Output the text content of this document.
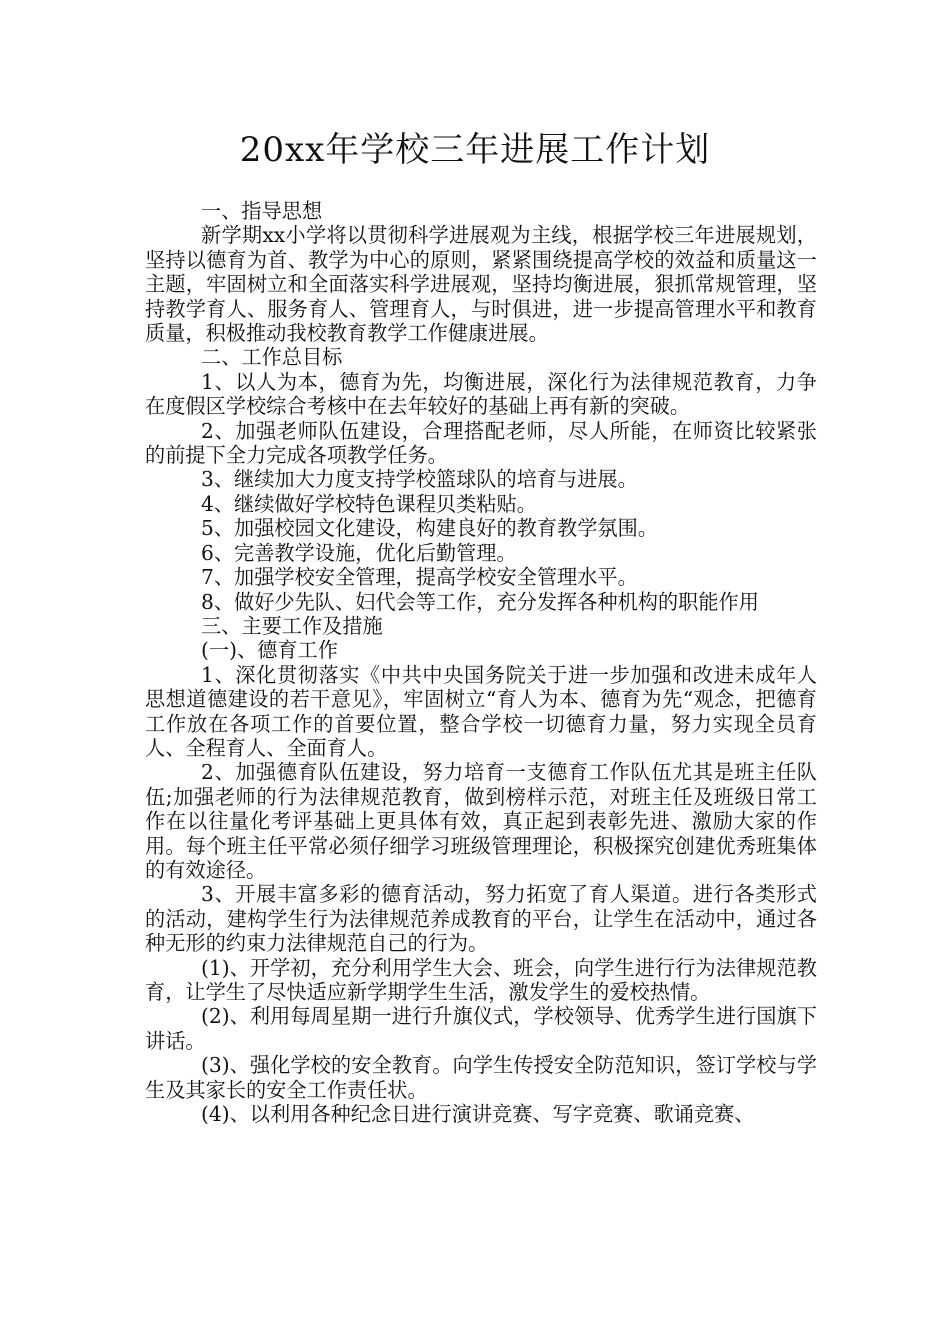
20xx年学校三年进展工作计划

一、指导思想

新学期xx小学将以贯彻科学进展观为主线，根据学校三年进展规划，坚持以德育为首、教学为中心的原则，紧紧围绕提高学校的效益和质量这一主题，牢固树立和全面落实科学进展观，坚持均衡进展，狠抓常规管理，坚持教学育人、服务育人、管理育人，与时俱进，进一步提高管理水平和教育质量，积极推动我校教育教学工作健康进展。

二、工作总目标

1、以人为本，德育为先，均衡进展，深化行为法律规范教育，力争在度假区学校综合考核中在去年较好的基础上再有新的突破。

2、加强老师队伍建设，合理搭配老师，尽人所能，在师资比较紧张的前提下全力完成各项教学任务。

3、继续加大力度支持学校篮球队的培育与进展。

4、继续做好学校特色课程贝类粘贴。

5、加强校园文化建设，构建良好的教育教学氛围。

6、完善教学设施，优化后勤管理。

7、加强学校安全管理，提高学校安全管理水平。

8、做好少先队、妇代会等工作，充分发挥各种机构的职能作用

三、主要工作及措施

(一)、德育工作

1、深化贯彻落实《中共中央国务院关于进一步加强和改进未成年人思想道德建设的若干意见》，牢固树立“育人为本、德育为先“观念，把德育工作放在各项工作的首要位置，整合学校一切德育力量，努力实现全员育人、全程育人、全面育人。

2、加强德育队伍建设，努力培育一支德育工作队伍尤其是班主任队伍;加强老师的行为法律规范教育，做到榜样示范，对班主任及班级日常工作在以往量化考评基础上更具体有效，真正起到表彰先进、激励大家的作用。每个班主任平常必须仔细学习班级管理理论，积极探究创建优秀班集体的有效途径。

3、开展丰富多彩的德育活动，努力拓宽了育人渠道。进行各类形式的活动，建构学生行为法律规范养成教育的平台，让学生在活动中，通过各种无形的约束力法律规范自己的行为。

(1)、开学初，充分利用学生大会、班会，向学生进行行为法律规范教育，让学生了尽快适应新学期学生生活，激发学生的爱校热情。

(2)、利用每周星期一进行升旗仪式，学校领导、优秀学生进行国旗下讲话。

(3)、强化学校的安全教育。向学生传授安全防范知识，签订学校与学生及其家长的安全工作责任状。

(4)、以利用各种纪念日进行演讲竞赛、写字竞赛、歌诵竞赛、
